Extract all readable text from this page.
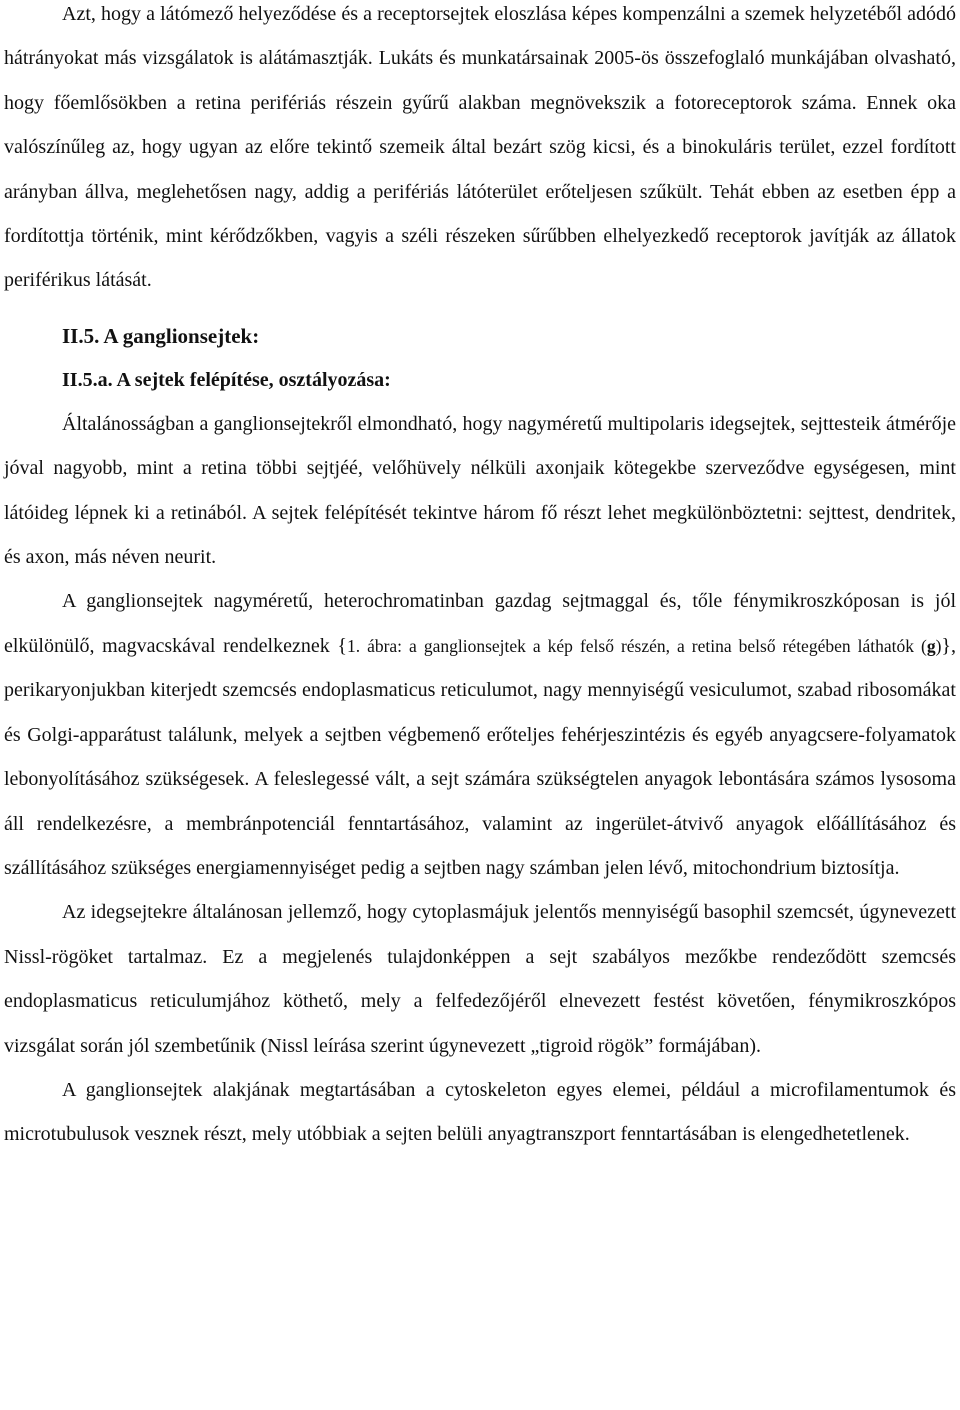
Azt, hogy a látómező helyeződése és a receptorsejtek eloszlása képes kompenzálni a szemek helyzetéből adódó hátrányokat más vizsgálatok is alátámasztják. Lukáts és munkatársainak 2005-ös összefoglaló munkájában olvasható, hogy főemlősökben a retina perifériás részein gyűrű alakban megnövekszik a fotoreceptorok száma. Ennek oka valószínűleg az, hogy ugyan az előre tekintő szemeik által bezárt szög kicsi, és a binokuláris terület, ezzel fordított arányban állva, meglehetősen nagy, addig a perifériás látóterület erőteljesen szűkült. Tehát ebben az esetben épp a fordítottja történik, mint kérődzőkben, vagyis a széli részeken sűrűbben elhelyezkedő receptorok javítják az állatok periférikus látását.

II.5. A ganglionsejtek:
II.5.a. A sejtek felépítése, osztályozása:

Általánosságban a ganglionsejtekről elmondható, hogy nagyméretű multipolaris idegsejtek, sejttesteik átmérője jóval nagyobb, mint a retina többi sejtjéé, velőhüvely nélküli axonjaik kötegekbe szerveződve egységesen, mint látóideg lépnek ki a retinából. A sejtek felépítését tekintve három fő részt lehet megkülönböztetni: sejttest, dendritek, és axon, más néven neurit.

A ganglionsejtek nagyméretű, heterochromatinban gazdag sejtmaggal és, tőle fénymikroszkóposan is jól elkülönülő, magvacskával rendelkeznek {1. ábra: a ganglionsejtek a kép felső részén, a retina belső rétegében láthatók (g)}, perikaryonjukban kiterjedt szemcsés endoplasmaticus reticulumot, nagy mennyiségű vesiculumot, szabad ribosomákat és Golgi-apparátust találunk, melyek a sejtben végbemenő erőteljes fehérjeszintézis és egyéb anyagcsere-folyamatok lebonyolításához szükségesek. A feleslegessé vált, a sejt számára szükségtelen anyagok lebontására számos lysosoma áll rendelkezésre, a membránpotenciál fenntartásához, valamint az ingerület-átvivő anyagok előállításához és szállításához szükséges energiamennyiséget pedig a sejtben nagy számban jelen lévő, mitochondrium biztosítja.

Az idegsejtekre általánosan jellemző, hogy cytoplasmájuk jelentős mennyiségű basophil szemcsét, úgynevezett Nissl-rögöket tartalmaz. Ez a megjelenés tulajdonképpen a sejt szabályos mezőkbe rendeződött szemcsés endoplasmaticus reticulumjához köthető, mely a felfedezőjéről elnevezett festést követően, fénymikroszkópos vizsgálat során jól szembetűnik (Nissl leírása szerint úgynevezett „tigroid rögök” formájában).

A ganglionsejtek alakjának megtartásában a cytoskeleton egyes elemei, például a microfilamentumok és microtubulusok vesznek részt, mely utóbbiak a sejten belüli anyagtranszport fenntartásában is elengedhetetlenek.
